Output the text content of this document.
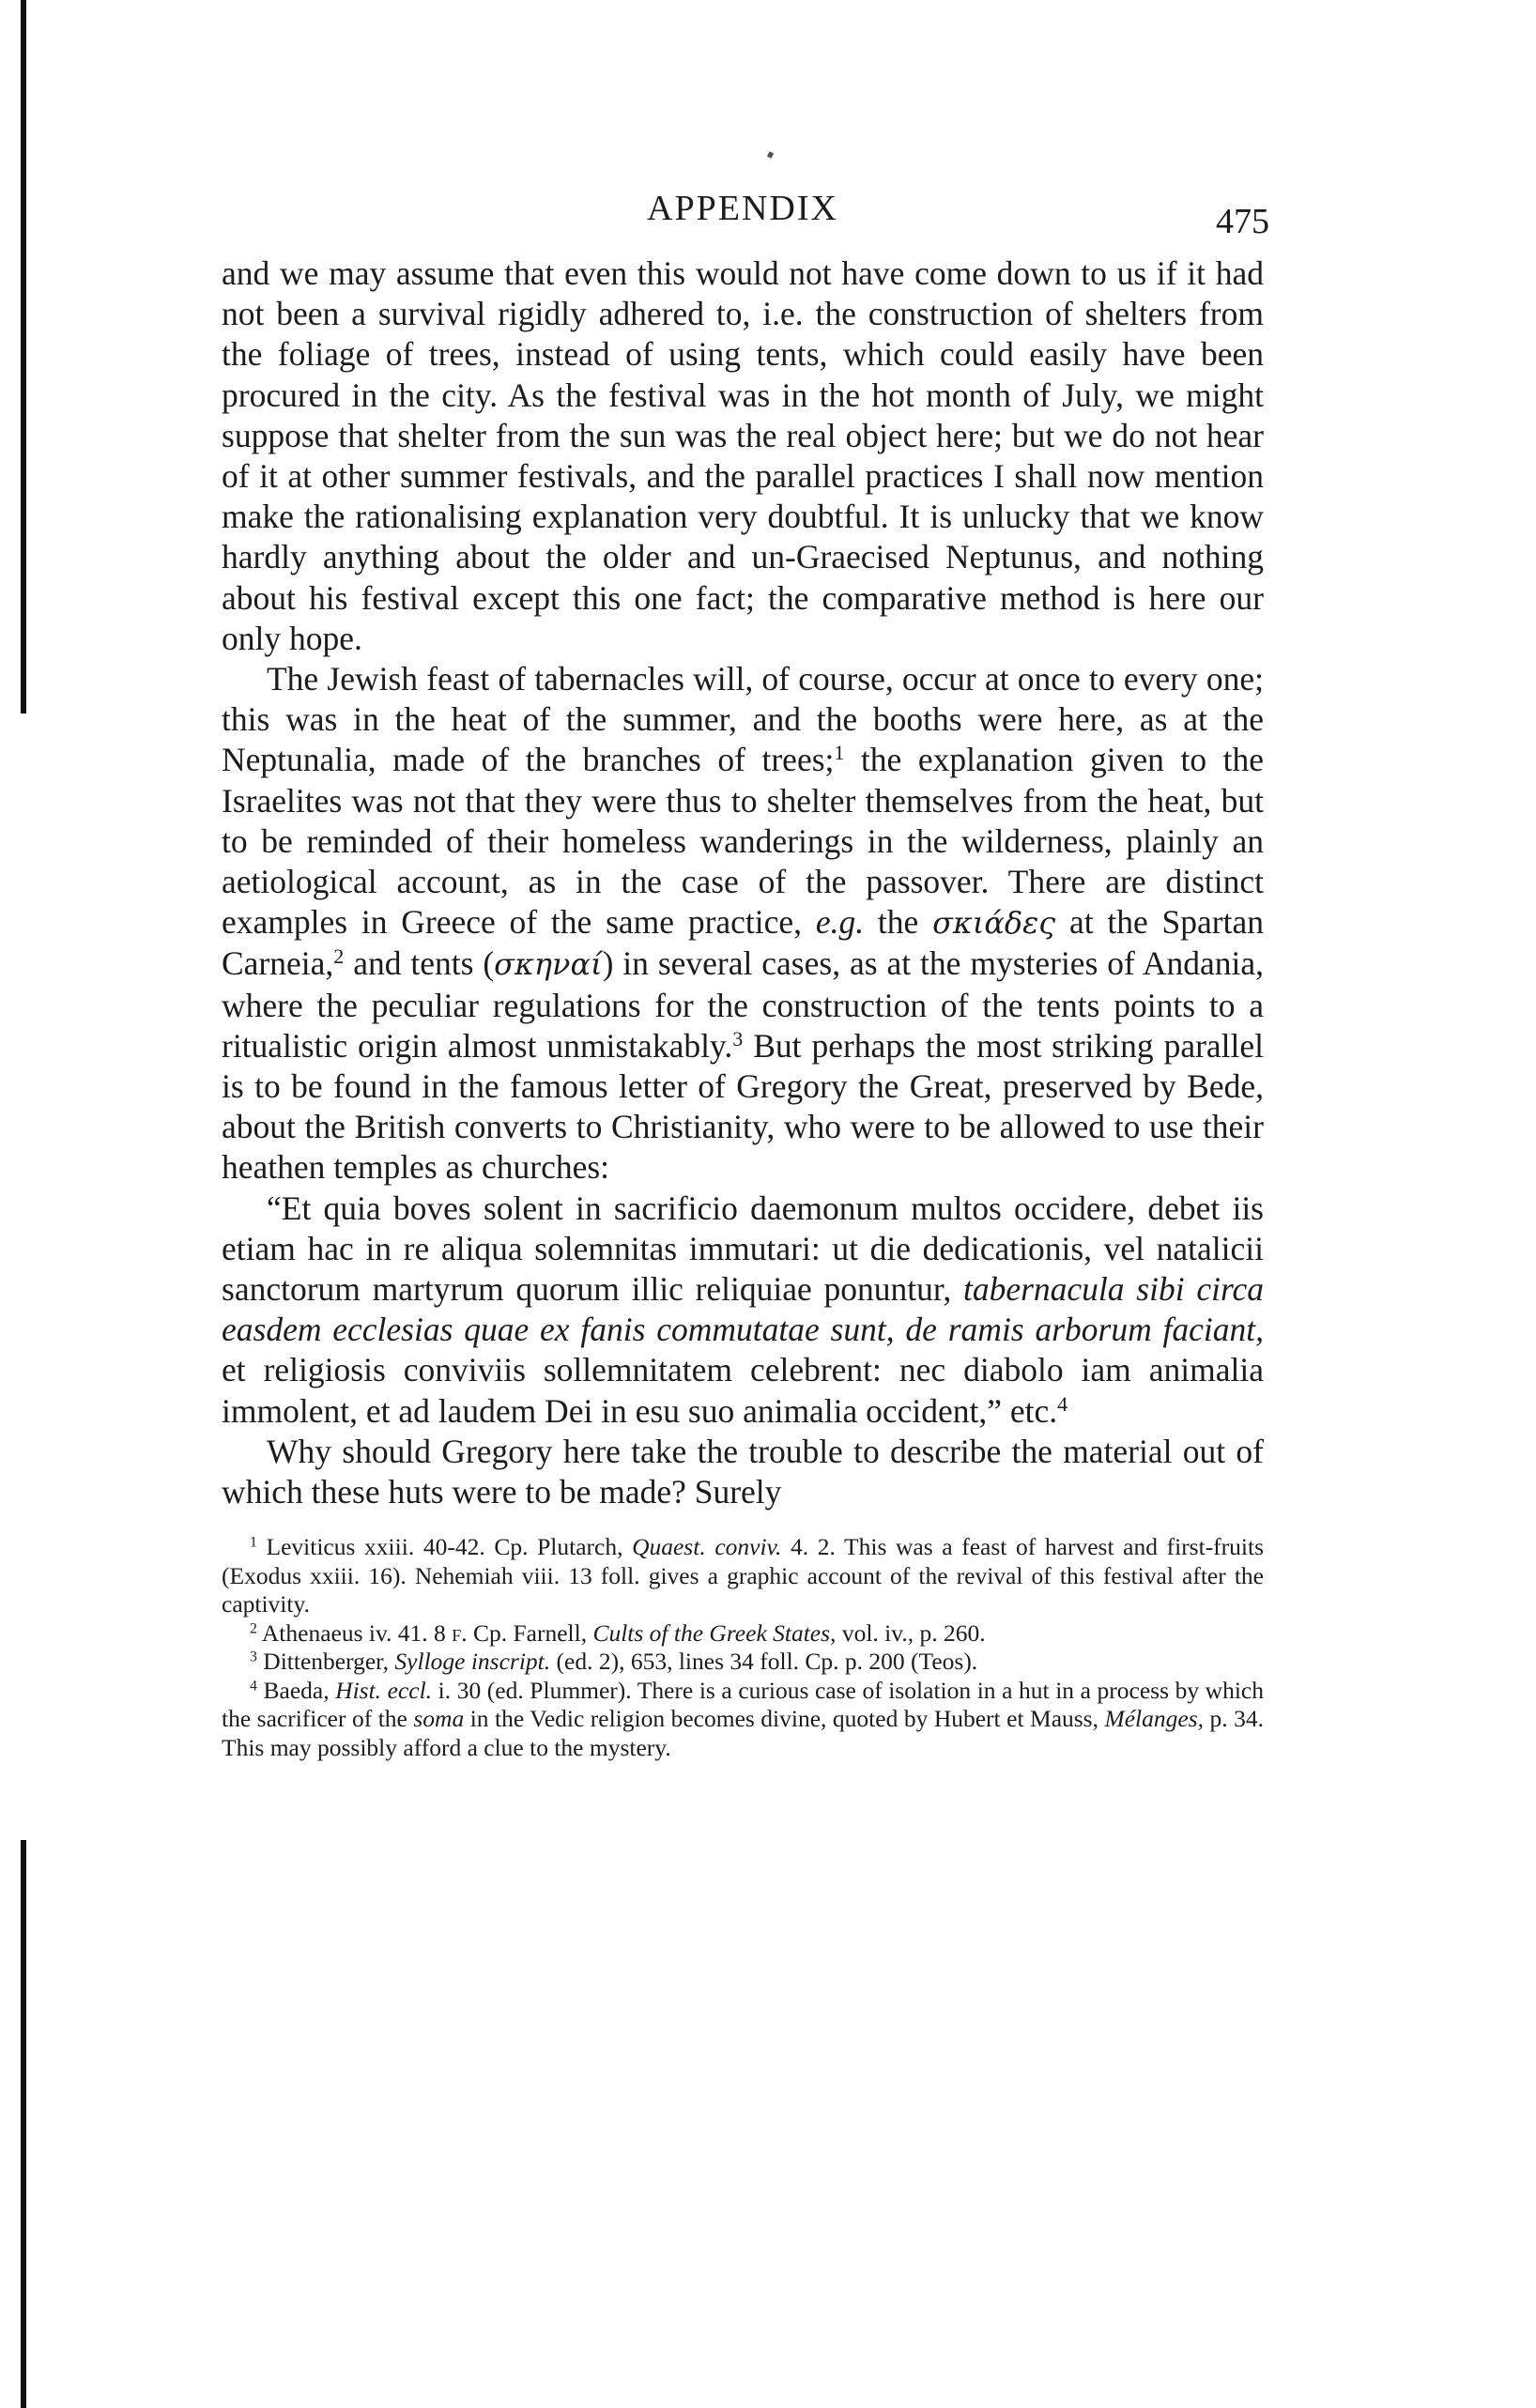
APPENDIX	475

and we may assume that even this would not have come down to us if it had not been a survival rigidly adhered to, i.e. the construction of shelters from the foliage of trees, instead of using tents, which could easily have been procured in the city. As the festival was in the hot month of July, we might suppose that shelter from the sun was the real object here; but we do not hear of it at other summer festivals, and the parallel practices I shall now mention make the rationalising explanation very doubtful. It is unlucky that we know hardly anything about the older and un-Graecised Neptunus, and nothing about his festival except this one fact; the comparative method is here our only hope.

The Jewish feast of tabernacles will, of course, occur at once to every one; this was in the heat of the summer, and the booths were here, as at the Neptunalia, made of the branches of trees;$^1$ the explanation given to the Israelites was not that they were thus to shelter themselves from the heat, but to be reminded of their homeless wanderings in the wilderness, plainly an aetiological account, as in the case of the passover. There are distinct examples in Greece of the same practice, e.g. the σκιάδες at the Spartan Carneia,$^2$ and tents (σκηναί) in several cases, as at the mysteries of Andania, where the peculiar regulations for the construction of the tents points to a ritualistic origin almost unmistakably.$^3$ But perhaps the most striking parallel is to be found in the famous letter of Gregory the Great, preserved by Bede, about the British converts to Christianity, who were to be allowed to use their heathen temples as churches:

“Et quia boves solent in sacrificio daemonum multos occidere, debet iis etiam hac in re aliqua solemnitas immutari: ut die dedicationis, vel natalicii sanctorum martyrum quorum illic reliquiae ponuntur, tabernacula sibi circa easdem ecclesias quae ex fanis commutatae sunt, de ramis arborum faciant, et religiosis conviviis sollemnitatem celebrent: nec diabolo iam animalia immolent, et ad laudem Dei in esu suo animalia occident,” etc.$^4$

Why should Gregory here take the trouble to describe the material out of which these huts were to be made? Surely

$^1$ Leviticus xxiii. 40-42. Cp. Plutarch, Quaest. conviv. 4. 2. This was a feast of harvest and first-fruits (Exodus xxiii. 16). Nehemiah viii. 13 foll. gives a graphic account of the revival of this festival after the captivity.

$^2$ Athenaeus iv. 41. 8 f. Cp. Farnell, Cults of the Greek States, vol. iv., p. 260.

$^3$ Dittenberger, Sylloge inscript. (ed. 2), 653, lines 34 foll. Cp. p. 200 (Teos).

$^4$ Baeda, Hist. eccl. i. 30 (ed. Plummer). There is a curious case of isolation in a hut in a process by which the sacrificer of the soma in the Vedic religion becomes divine, quoted by Hubert et Mauss, Mélanges, p. 34. This may possibly afford a clue to the mystery.
